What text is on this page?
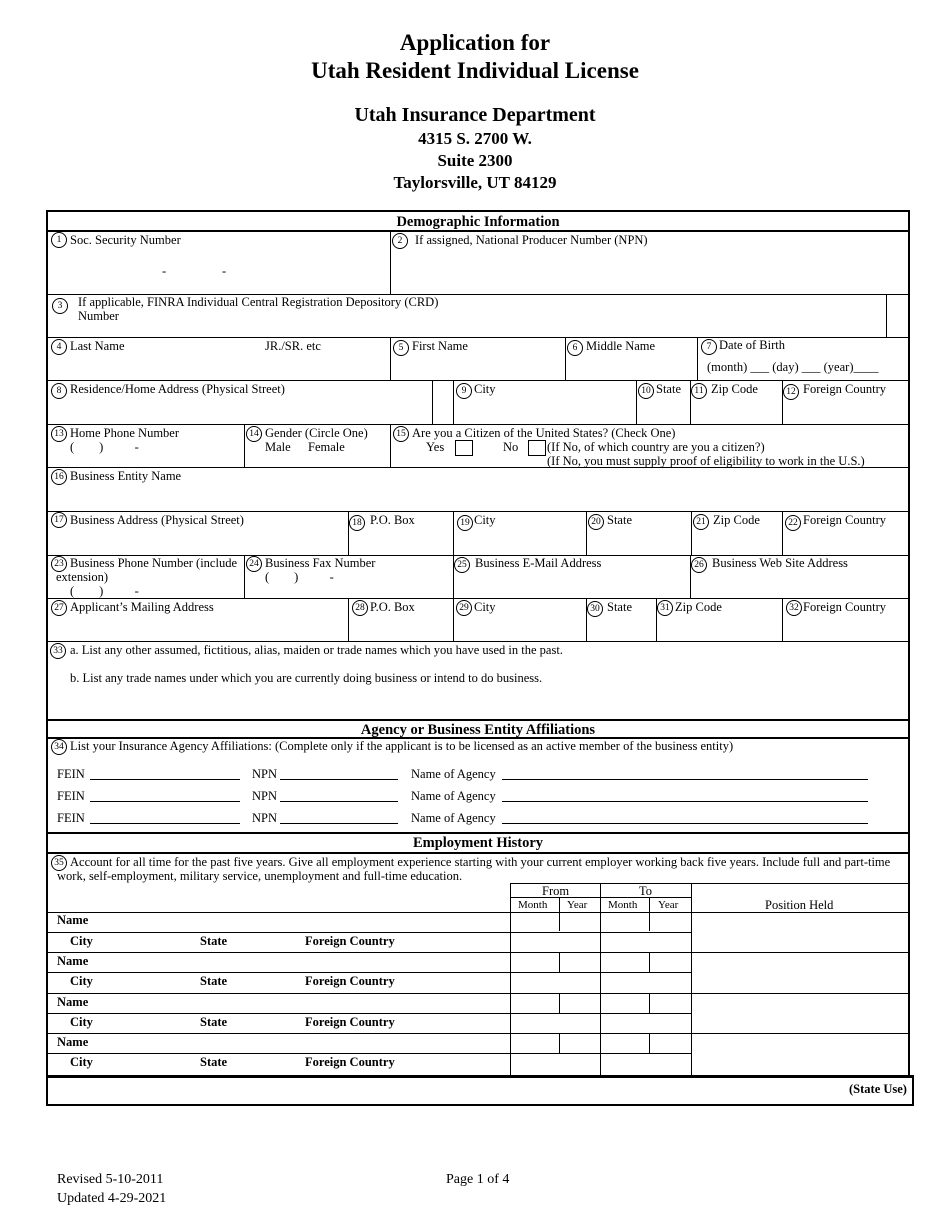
Application for
Utah Resident Individual License
Utah Insurance Department
4315 S. 2700 W.
Suite 2300
Taylorsville, UT 84129
Demographic Information
1 Soc. Security Number
-	-
2	If assigned, National Producer Number (NPN)
3	If applicable, FINRA Individual Central Registration Depository (CRD)
Number
4 Last Name	JR./SR. etc	5 First Name	6 Middle Name	7 Date of Birth
(month) ___ (day) ___ (year)____
8 Residence/Home Address (Physical Street)	9 City	10 State	11 Zip Code	12 Foreign Country
13 Home Phone Number
(        )          -
14 Gender (Circle One)
Male Female
15 Are you a Citizen of the United States? (Check One)
Yes	No (If No, of which country are you a citizen?)
(If No, you must supply proof of eligibility to work in the U.S.)
16 Business Entity Name
17 Business Address (Physical Street)	18 P.O. Box	19 City	20 State	21 Zip Code	22 Foreign Country
23 Business Phone Number (include
extension)
(        )          -
24 Business Fax Number
(        )          -
25 Business E-Mail Address	26 Business Web Site Address
27 Applicant’s Mailing Address	28 P.O. Box	29 City	30 State	31 Zip Code	32 Foreign Country
33 a. List any other assumed, fictitious, alias, maiden or trade names which you have used in the past.
b. List any trade names under which you are currently doing business or intend to do business.
Agency or Business Entity Affiliations
34 List your Insurance Agency Affiliations: (Complete only if the applicant is to be licensed as an active member of the business entity)
FEIN	NPN	Name of Agency
FEIN	NPN	Name of Agency
FEIN	NPN	Name of Agency
Employment History
35 Account for all time for the past five years. Give all employment experience starting with your current employer working back five years. Include full and part-time
work, self-employment, military service, unemployment and full-time education.
From	To
Month Year Month Year	Position Held
Name
City	State	Foreign Country
Name
City	State	Foreign Country
Name
City	State	Foreign Country
Name
City	State	Foreign Country
(State Use)
Revised 5-10-2011
Updated 4-29-2021
Page 1 of 4
